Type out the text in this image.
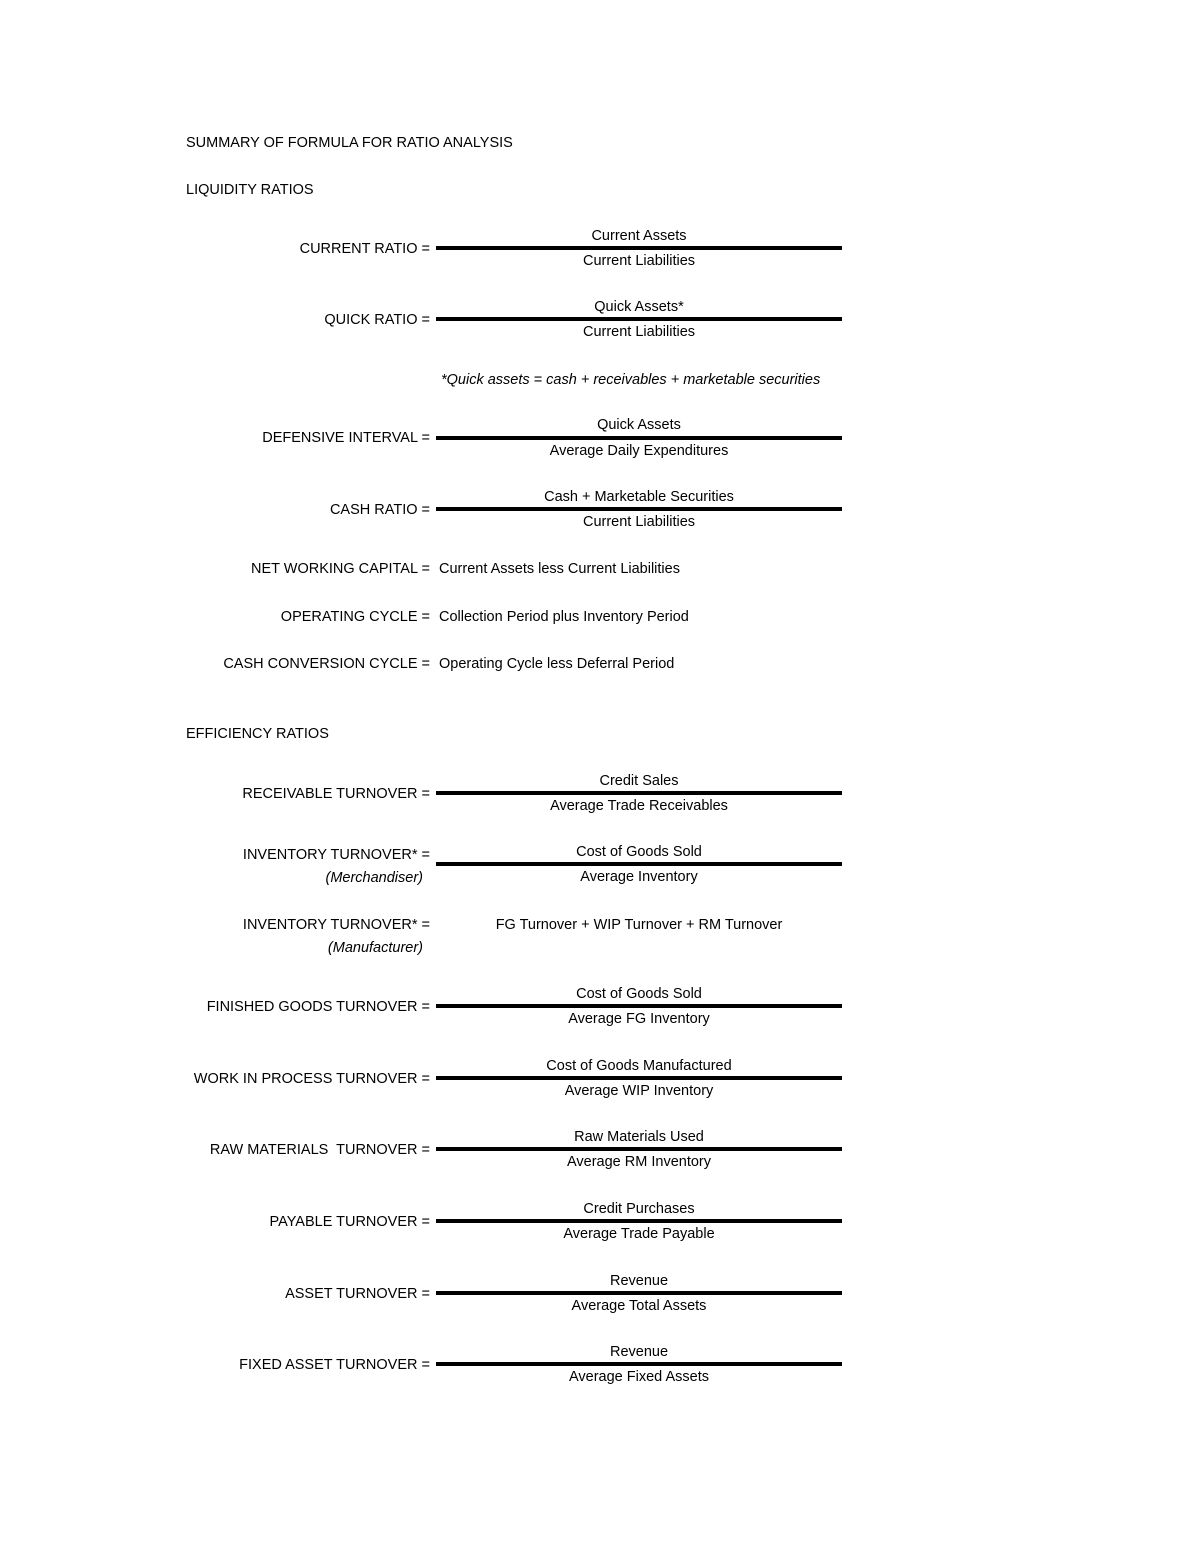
SUMMARY OF FORMULA FOR RATIO ANALYSIS
LIQUIDITY RATIOS
CURRENT RATIO =
Current Assets
Current Liabilities
QUICK RATIO =
Quick Assets*
Current Liabilities
*Quick assets = cash + receivables + marketable securities
DEFENSIVE INTERVAL =
Quick Assets
Average Daily Expenditures
CASH RATIO =
Cash + Marketable Securities
Current Liabilities
NET WORKING CAPITAL = Current Assets less Current Liabilities
OPERATING CYCLE = Collection Period plus Inventory Period
CASH CONVERSION CYCLE = Operating Cycle less Deferral Period
EFFICIENCY RATIOS
RECEIVABLE TURNOVER =
Credit Sales
Average Trade Receivables
INVENTORY TURNOVER* =
(Merchandiser)
Cost of Goods Sold
Average Inventory
INVENTORY TURNOVER* =
(Manufacturer)
FG Turnover + WIP Turnover + RM Turnover
FINISHED GOODS TURNOVER =
Cost of Goods Sold
Average FG Inventory
WORK IN PROCESS TURNOVER =
Cost of Goods Manufactured
Average WIP Inventory
RAW MATERIALS  TURNOVER =
Raw Materials Used
Average RM Inventory
PAYABLE TURNOVER =
Credit Purchases
Average Trade Payable
ASSET TURNOVER =
Revenue
Average Total Assets
FIXED ASSET TURNOVER =
Revenue
Average Fixed Assets
